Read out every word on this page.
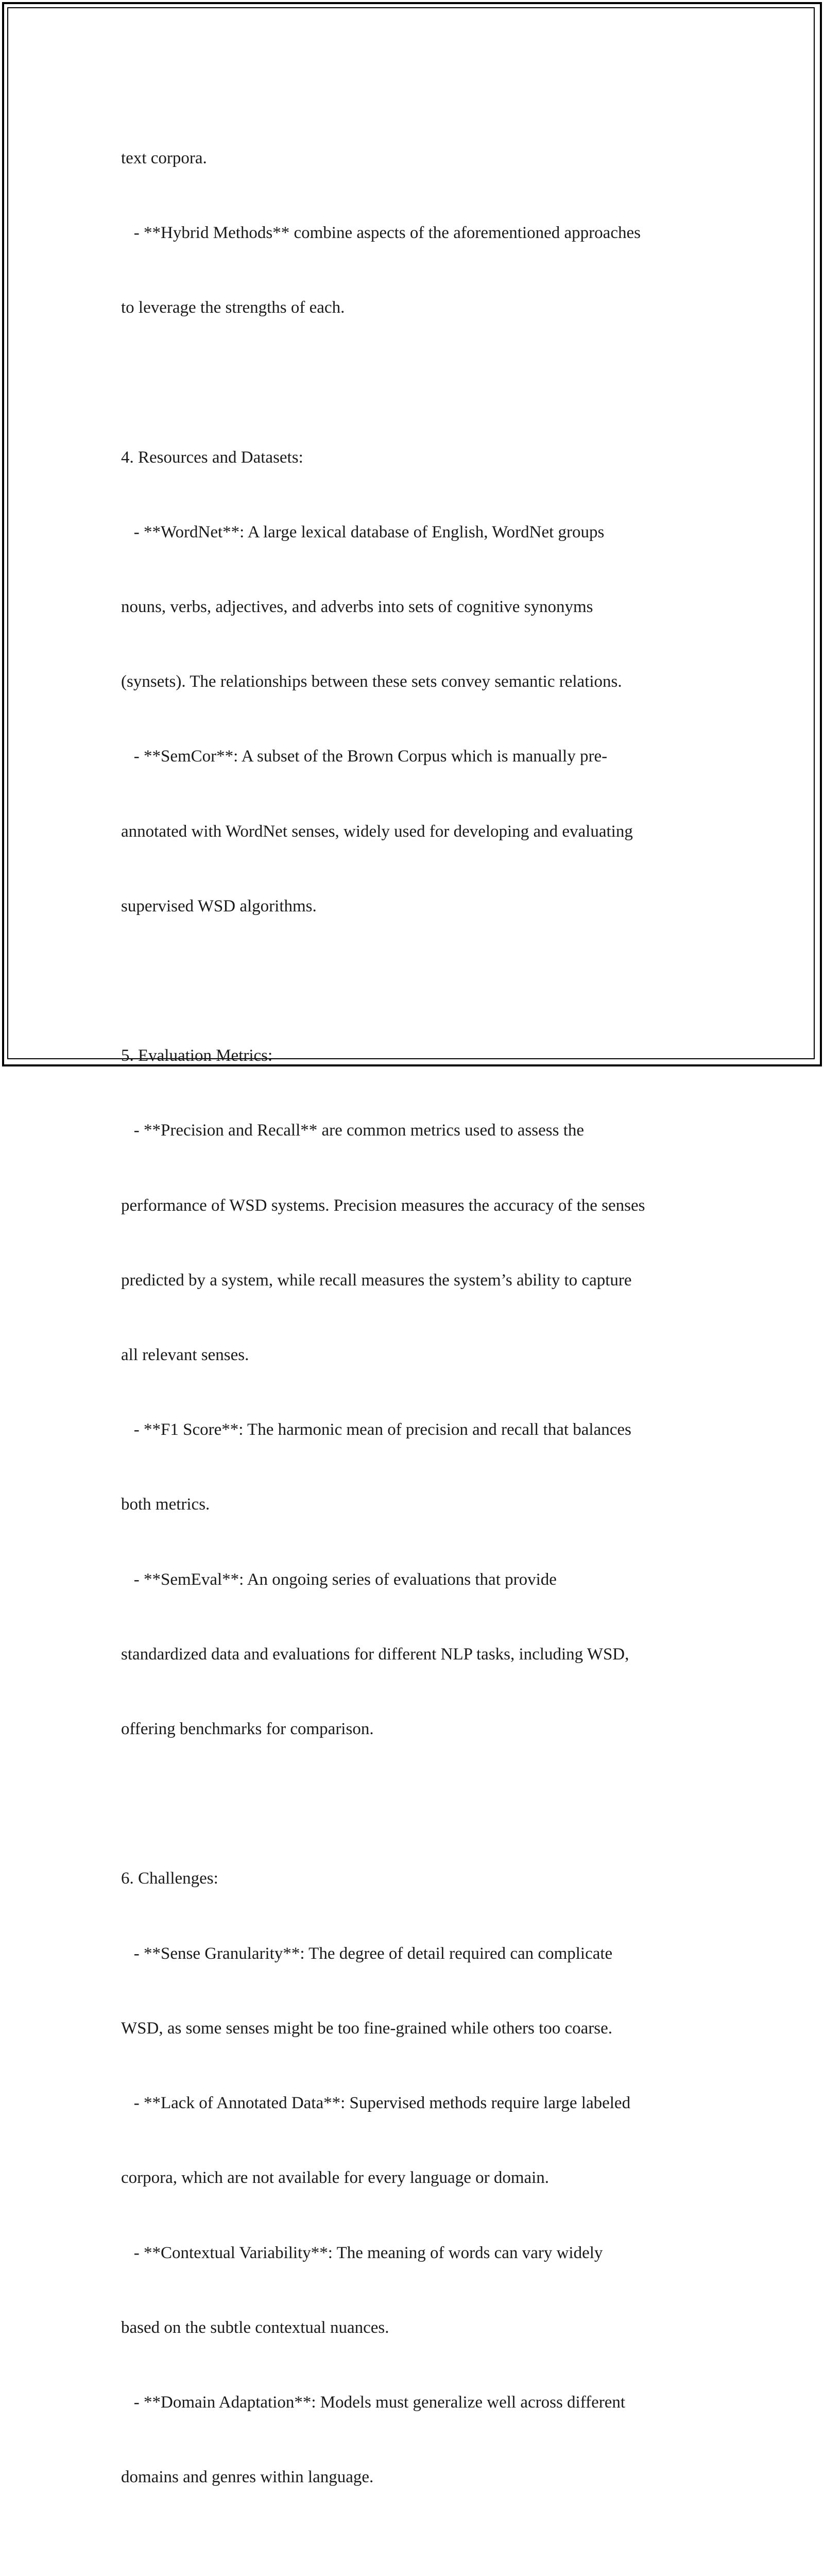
text corpora.

- **Hybrid Methods** combine aspects of the aforementioned approaches

to leverage the strengths of each.

4. Resources and Datasets:

- **WordNet**: A large lexical database of English, WordNet groups

nouns, verbs, adjectives, and adverbs into sets of cognitive synonyms

(synsets). The relationships between these sets convey semantic relations.

- **SemCor**: A subset of the Brown Corpus which is manually pre-

annotated with WordNet senses, widely used for developing and evaluating

supervised WSD algorithms.

5. Evaluation Metrics:

- **Precision and Recall** are common metrics used to assess the

performance of WSD systems. Precision measures the accuracy of the senses

predicted by a system, while recall measures the system’s ability to capture

all relevant senses.

- **F1 Score**: The harmonic mean of precision and recall that balances

both metrics.

- **SemEval**: An ongoing series of evaluations that provide

standardized data and evaluations for different NLP tasks, including WSD,

offering benchmarks for comparison.

6. Challenges:

- **Sense Granularity**: The degree of detail required can complicate

WSD, as some senses might be too fine-grained while others too coarse.

- **Lack of Annotated Data**: Supervised methods require large labeled

corpora, which are not available for every language or domain.

- **Contextual Variability**: The meaning of words can vary widely

based on the subtle contextual nuances.

- **Domain Adaptation**: Models must generalize well across different

domains and genres within language.
